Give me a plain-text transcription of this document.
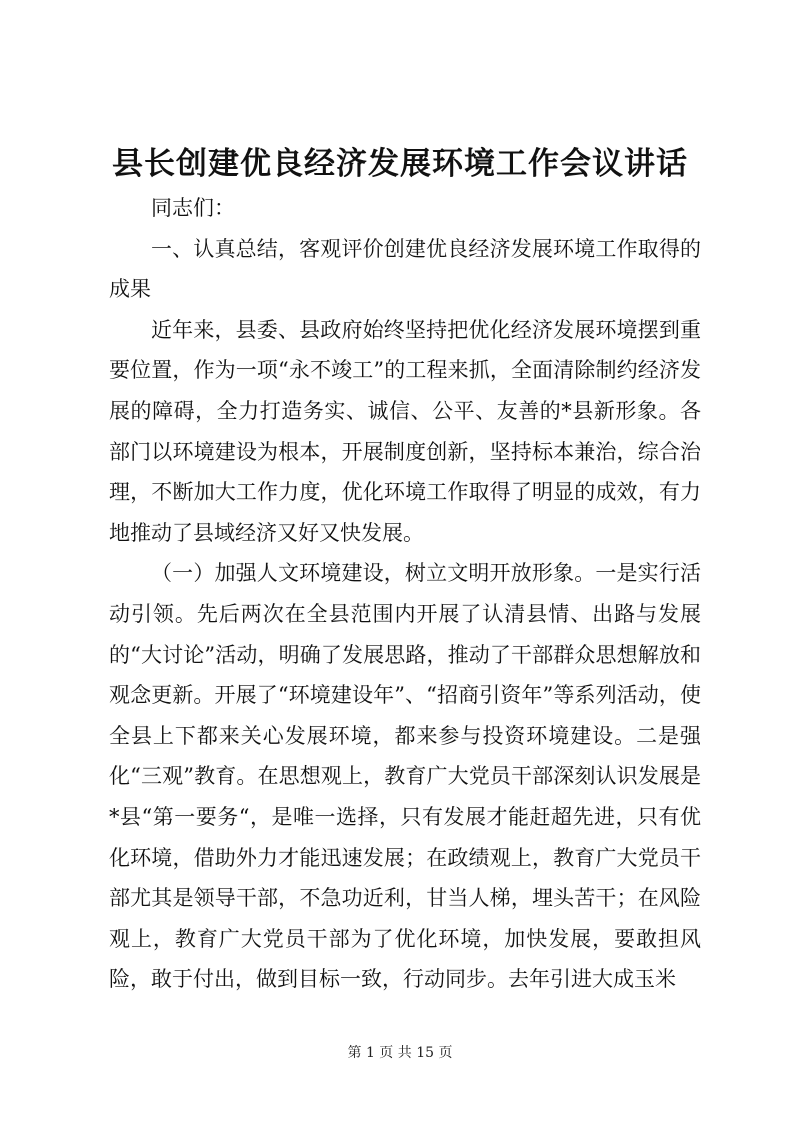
县长创建优良经济发展环境工作会议讲话

同志们：

一、认真总结，客观评价创建优良经济发展环境工作取得的成果

近年来，县委、县政府始终坚持把优化经济发展环境摆到重要位置，作为一项“永不竣工”的工程来抓，全面清除制约经济发展的障碍，全力打造务实、诚信、公平、友善的*县新形象。各部门以环境建设为根本，开展制度创新，坚持标本兼治，综合治理，不断加大工作力度，优化环境工作取得了明显的成效，有力地推动了县域经济又好又快发展。

（一）加强人文环境建设，树立文明开放形象。一是实行活动引领。先后两次在全县范围内开展了认清县情、出路与发展的“大讨论”活动，明确了发展思路，推动了干部群众思想解放和观念更新。开展了“环境建设年”、“招商引资年”等系列活动，使全县上下都来关心发展环境，都来参与投资环境建设。二是强化“三观”教育。在思想观上，教育广大党员干部深刻认识发展是*县“第一要务“，是唯一选择，只有发展才能赶超先进，只有优化环境，借助外力才能迅速发展；在政绩观上，教育广大党员干部尤其是领导干部，不急功近利，甘当人梯，埋头苦干；在风险观上，教育广大党员干部为了优化环境，加快发展，要敢担风险，敢于付出，做到目标一致，行动同步。去年引进大成玉米

第 1 页 共 15 页
